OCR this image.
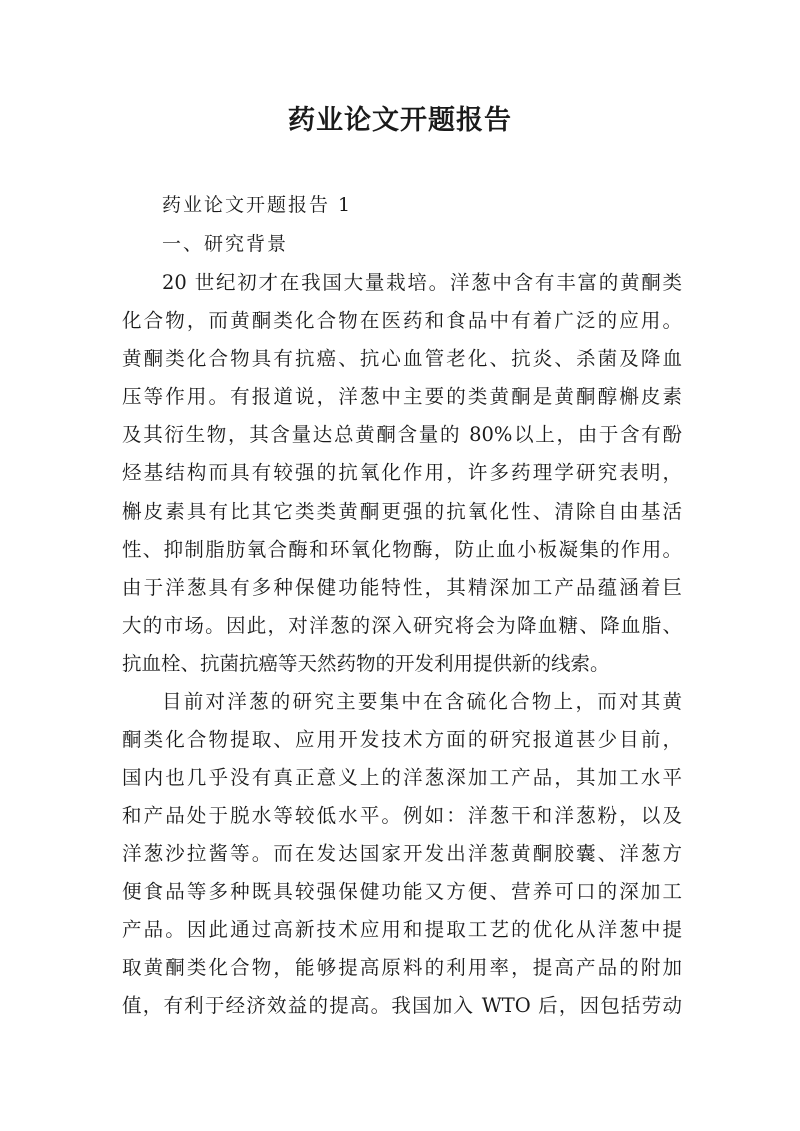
药业论文开题报告
药业论文开题报告 1
一、研究背景
20 世纪初才在我国大量栽培。洋葱中含有丰富的黄酮类
化合物，而黄酮类化合物在医药和食品中有着广泛的应用。
黄酮类化合物具有抗癌、抗心血管老化、抗炎、杀菌及降血
压等作用。有报道说，洋葱中主要的类黄酮是黄酮醇槲皮素
及其衍生物，其含量达总黄酮含量的 80%以上，由于含有酚
烃基结构而具有较强的抗氧化作用，许多药理学研究表明，
槲皮素具有比其它类类黄酮更强的抗氧化性、清除自由基活
性、抑制脂肪氧合酶和环氧化物酶，防止血小板凝集的作用。
由于洋葱具有多种保健功能特性，其精深加工产品蕴涵着巨
大的市场。因此，对洋葱的深入研究将会为降血糖、降血脂、
抗血栓、抗菌抗癌等天然药物的开发利用提供新的线索。
目前对洋葱的研究主要集中在含硫化合物上，而对其黄
酮类化合物提取、应用开发技术方面的研究报道甚少目前，
国内也几乎没有真正意义上的洋葱深加工产品，其加工水平
和产品处于脱水等较低水平。例如：洋葱干和洋葱粉，以及
洋葱沙拉酱等。而在发达国家开发出洋葱黄酮胶囊、洋葱方
便食品等多种既具较强保健功能又方便、营养可口的深加工
产品。因此通过高新技术应用和提取工艺的优化从洋葱中提
取黄酮类化合物，能够提高原料的利用率，提高产品的附加
值，有利于经济效益的提高。我国加入 WTO 后，因包括劳动
